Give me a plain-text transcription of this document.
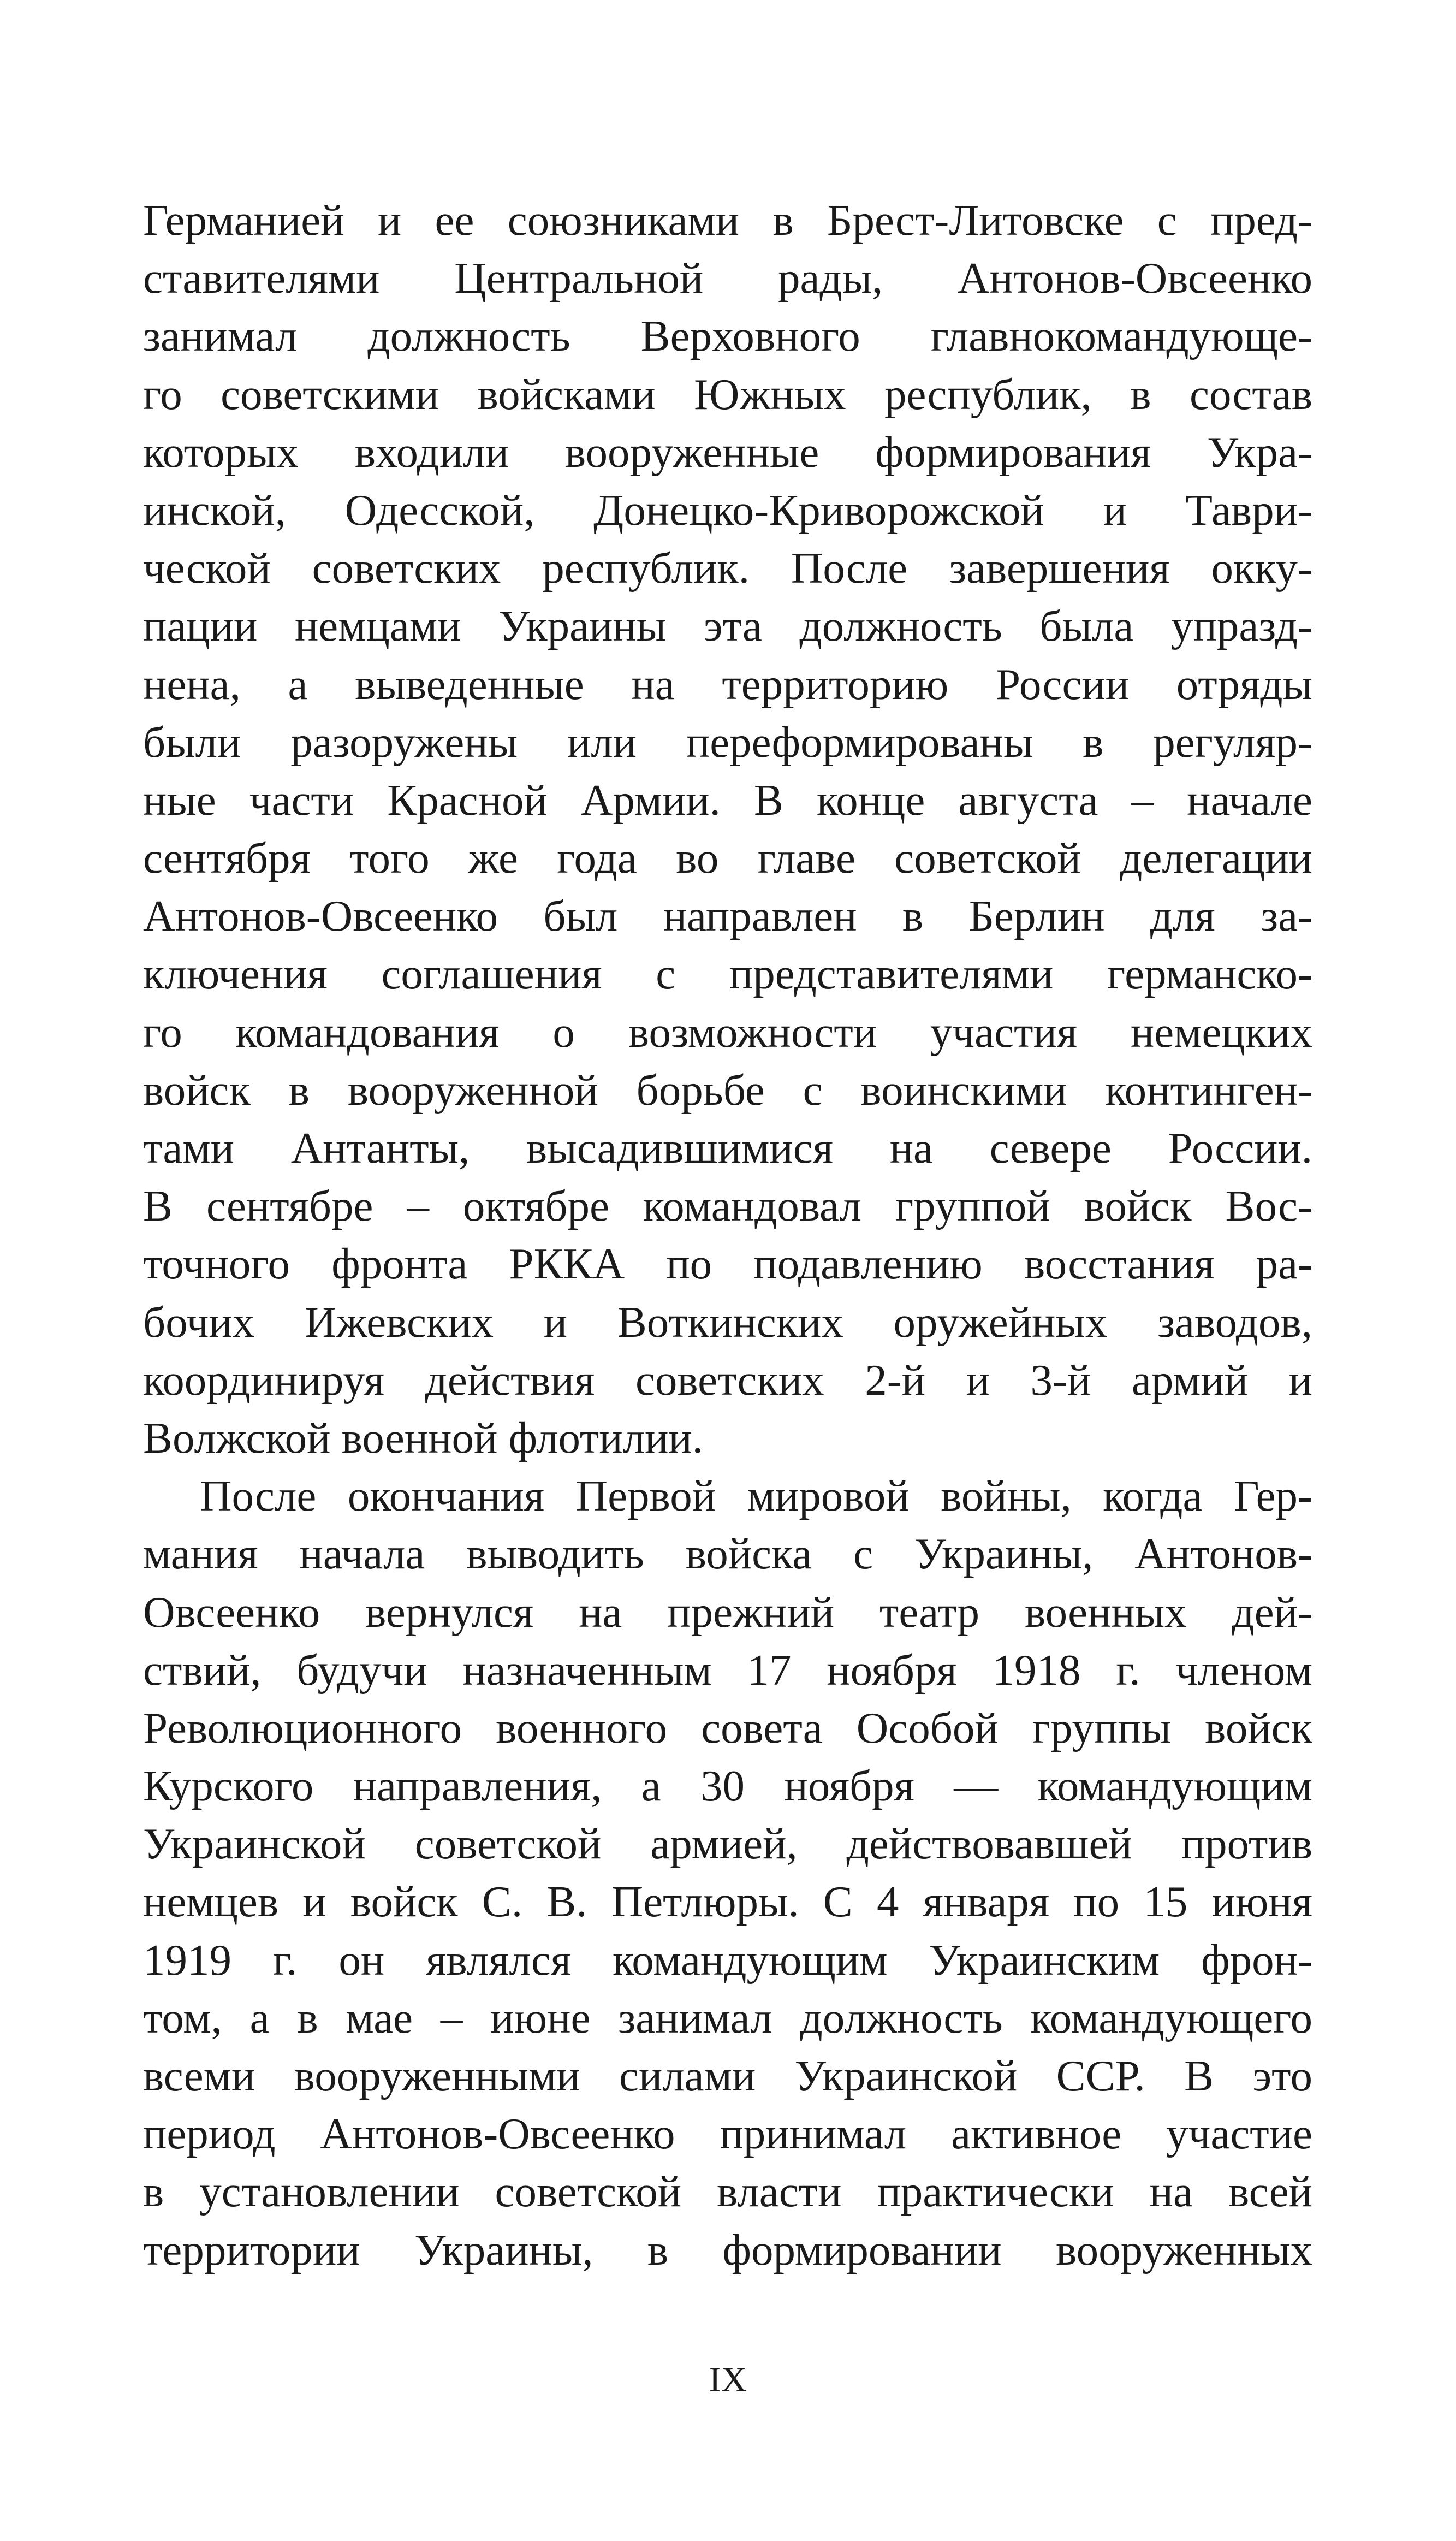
Германией и ее союзниками в Брест-Литовске с пред-
ставителями Центральной рады, Антонов-Овсеенко
занимал должность Верховного главнокомандующе-
го советскими войсками Южных республик, в состав
которых входили вооруженные формирования Укра-
инской, Одесской, Донецко-Криворожской и Таври-
ческой советских республик. После завершения окку-
пации немцами Украины эта должность была упразд-
нена, а выведенные на территорию России отряды
были разоружены или переформированы в регуляр-
ные части Красной Армии. В конце августа – начале
сентября того же года во главе советской делегации
Антонов-Овсеенко был направлен в Берлин для за-
ключения соглашения с представителями германско-
го командования о возможности участия немецких
войск в вооруженной борьбе с воинскими континген-
тами Антанты, высадившимися на севере России.
В сентябре – октябре командовал группой войск Вос-
точного фронта РККА по подавлению восстания ра-
бочих Ижевских и Воткинских оружейных заводов,
координируя действия советских 2-й и 3-й армий и
Волжской военной флотилии.
После окончания Первой мировой войны, когда Гер-
мания начала выводить войска с Украины, Антонов-
Овсеенко вернулся на прежний театр военных дей-
ствий, будучи назначенным 17 ноября 1918 г. членом
Революционного военного совета Особой группы войск
Курского направления, а 30 ноября — командующим
Украинской советской армией, действовавшей против
немцев и войск С. В. Петлюры. С 4 января по 15 июня
1919 г. он являлся командующим Украинским фрон-
том, а в мае – июне занимал должность командующего
всеми вооруженными силами Украинской ССР. В это
период Антонов-Овсеенко принимал активное участие
в установлении советской власти практически на всей
территории Украины, в формировании вооруженных
IX
